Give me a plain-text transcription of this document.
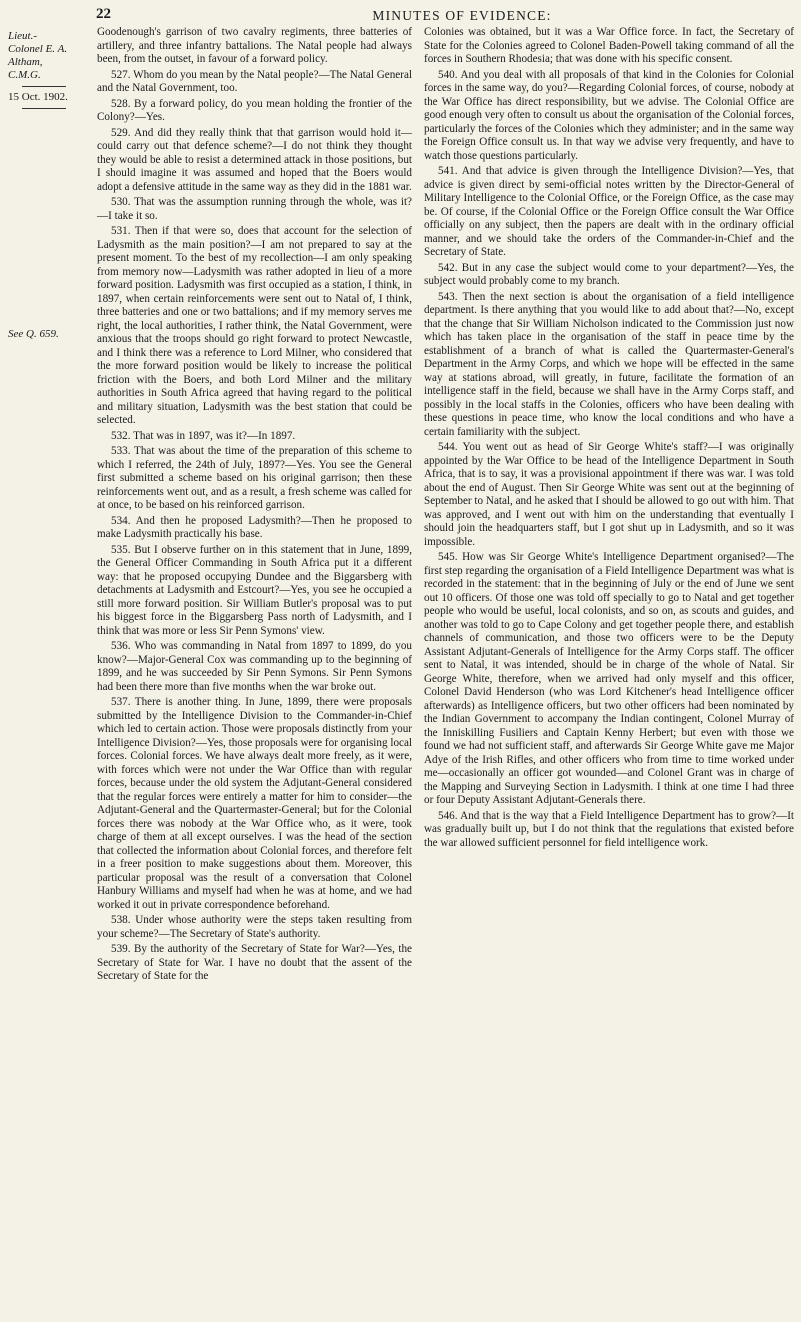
22	MINUTES OF EVIDENCE:
Lieut.-
Colonel E. A.
Altham,
C.M.G.
15 Oct. 1902.
See Q. 659.

Goodenough's garrison of two cavalry regiments, three batteries of artillery, and three infantry battalions. The Natal people had always been, from the outset, in favour of a forward policy.

527. Whom do you mean by the Natal people?—The Natal General and the Natal Government, too.

528. By a forward policy, do you mean holding the frontier of the Colony?—Yes.

529. And did they really think that that garrison would hold it—could carry out that defence scheme?—I do not think they thought they would be able to resist a determined attack in those positions, but I should imagine it was assumed and hoped that the Boers would adopt a defensive attitude in the same way as they did in the 1881 war.

530. That was the assumption running through the whole, was it?—I take it so.

531. Then if that were so, does that account for the selection of Ladysmith as the main position?—I am not prepared to say at the present moment. To the best of my recollection—I am only speaking from memory now—Ladysmith was rather adopted in lieu of a more forward position. Ladysmith was first occupied as a station, I think, in 1897, when certain reinforcements were sent out to Natal of, I think, three batteries and one or two battalions; and if my memory serves me right, the local authorities, I rather think, the Natal Government, were anxious that the troops should go right forward to protect Newcastle, and I think there was a reference to Lord Milner, who considered that the more forward position would be likely to increase the political friction with the Boers, and both Lord Milner and the military authorities in South Africa agreed that having regard to the political and military situation, Ladysmith was the best station that could be selected.

532. That was in 1897, was it?—In 1897.

533. That was about the time of the preparation of this scheme to which I referred, the 24th of July, 1897?—Yes. You see the General first submitted a scheme based on his original garrison; then these reinforcements went out, and as a result, a fresh scheme was called for at once, to be based on his reinforced garrison.

534. And then he proposed Ladysmith?—Then he proposed to make Ladysmith practically his base.

535. But I observe further on in this statement that in June, 1899, the General Officer Commanding in South Africa put it a different way: that he proposed occupying Dundee and the Biggarsberg with detachments at Ladysmith and Estcourt?—Yes, you see he occupied a still more forward position. Sir William Butler's proposal was to put his biggest force in the Biggarsberg Pass north of Ladysmith, and I think that was more or less Sir Penn Symons' view.

536. Who was commanding in Natal from 1897 to 1899, do you know?—Major-General Cox was commanding up to the beginning of 1899, and he was succeeded by Sir Penn Symons. Sir Penn Symons had been there more than five months when the war broke out.

537. There is another thing. In June, 1899, there were proposals submitted by the Intelligence Division to the Commander-in-Chief which led to certain action. Those were proposals distinctly from your Intelligence Division?—Yes, those proposals were for organising local forces. Colonial forces. We have always dealt more freely, as it were, with forces which were not under the War Office than with regular forces, because under the old system the Adjutant-General considered that the regular forces were entirely a matter for him to consider—the Adjutant-General and the Quartermaster-General; but for the Colonial forces there was nobody at the War Office who, as it were, took charge of them at all except ourselves. I was the head of the section that collected the information about Colonial forces, and therefore felt in a freer position to make suggestions about them. Moreover, this particular proposal was the result of a conversation that Colonel Hanbury Williams and myself had when he was at home, and we had worked it out in private correspondence beforehand.

538. Under whose authority were the steps taken resulting from your scheme?—The Secretary of State's authority.

539. By the authority of the Secretary of State for War?—Yes, the Secretary of State for War. I have no doubt that the assent of the Secretary of State for the

Colonies was obtained, but it was a War Office force. In fact, the Secretary of State for the Colonies agreed to Colonel Baden-Powell taking command of all the forces in Southern Rhodesia; that was done with his specific consent.

540. And you deal with all proposals of that kind in the Colonies for Colonial forces in the same way, do you?—Regarding Colonial forces, of course, nobody at the War Office has direct responsibility, but we advise. The Colonial Office are good enough very often to consult us about the organisation of the Colonial forces, particularly the forces of the Colonies which they administer; and in the same way the Foreign Office consult us. In that way we advise very frequently, and have to watch those questions particularly.

541. And that advice is given through the Intelligence Division?—Yes, that advice is given direct by semi-official notes written by the Director-General of Military Intelligence to the Colonial Office, or the Foreign Office, as the case may be. Of course, if the Colonial Office or the Foreign Office consult the War Office officially on any subject, then the papers are dealt with in the ordinary official manner, and we should take the orders of the Commander-in-Chief and the Secretary of State.

542. But in any case the subject would come to your department?—Yes, the subject would probably come to my branch.

543. Then the next section is about the organisation of a field intelligence department. Is there anything that you would like to add about that?—No, except that the change that Sir William Nicholson indicated to the Commission just now which has taken place in the organisation of the staff in peace time by the establishment of a branch of what is called the Quartermaster-General's Department in the Army Corps, and which we hope will be effected in the same way at stations abroad, will greatly, in future, facilitate the formation of an intelligence staff in the field, because we shall have in the Army Corps staff, and possibly in the local staffs in the Colonies, officers who have been dealing with these questions in peace time, who know the local conditions and who have a certain familiarity with the subject.

544. You went out as head of Sir George White's staff?—I was originally appointed by the War Office to be head of the Intelligence Department in South Africa, that is to say, it was a provisional appointment if there was war. I was told about the end of August. Then Sir George White was sent out at the beginning of September to Natal, and he asked that I should be allowed to go out with him. That was approved, and I went out with him on the understanding that eventually I should join the headquarters staff, but I got shut up in Ladysmith, and so it was impossible.

545. How was Sir George White's Intelligence Department organised?—The first step regarding the organisation of a Field Intelligence Department was what is recorded in the statement: that in the beginning of July or the end of June we sent out 10 officers. Of those one was told off specially to go to Natal and get together people who would be useful, local colonists, and so on, as scouts and guides, and another was told to go to Cape Colony and get together people there, and establish channels of communication, and those two officers were to be the Deputy Assistant Adjutant-Generals of Intelligence for the Army Corps staff. The officer sent to Natal, it was intended, should be in charge of the whole of Natal. Sir George White, therefore, when we arrived had only myself and this officer, Colonel David Henderson (who was Lord Kitchener's head Intelligence officer afterwards) as Intelligence officers, but two other officers had been nominated by the Indian Government to accompany the Indian contingent, Colonel Murray of the Inniskilling Fusiliers and Captain Kenny Herbert; but even with those we found we had not sufficient staff, and afterwards Sir George White gave me Major Adye of the Irish Rifles, and other officers who from time to time worked under me—occasionally an officer got wounded—and Colonel Grant was in charge of the Mapping and Surveying Section in Ladysmith. I think at one time I had three or four Deputy Assistant Adjutant-Generals there.

546. And that is the way that a Field Intelligence Department has to grow?—It was gradually built up, but I do not think that the regulations that existed before the war allowed sufficient personnel for field intelligence work.
